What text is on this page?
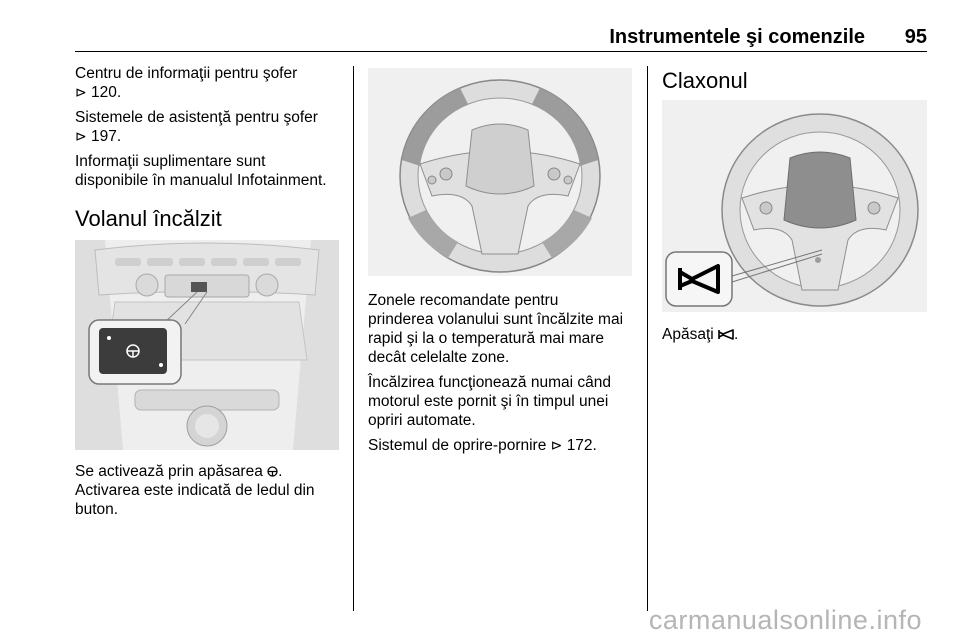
Instrumentele şi comenzile 95

Centru de informaţii pentru şofer
⊳ 120.

Sistemele de asistenţă pentru şofer
⊳ 197.

Informaţii suplimentare sunt
disponibile în manualul Infotainment.

Volanul încălzit

Se activează prin apăsarea .
Activarea este indicată de ledul din
buton.

Zonele recomandate pentru
prinderea volanului sunt încălzite mai
rapid şi la o temperatură mai mare
decât celelalte zone.

Încălzirea funcţionează numai când
motorul este pornit şi în timpul unei
opriri automate.

Sistemul de oprire-pornire ⊳ 172.

Claxonul

Apăsaţi .

carmanualsonline.info
